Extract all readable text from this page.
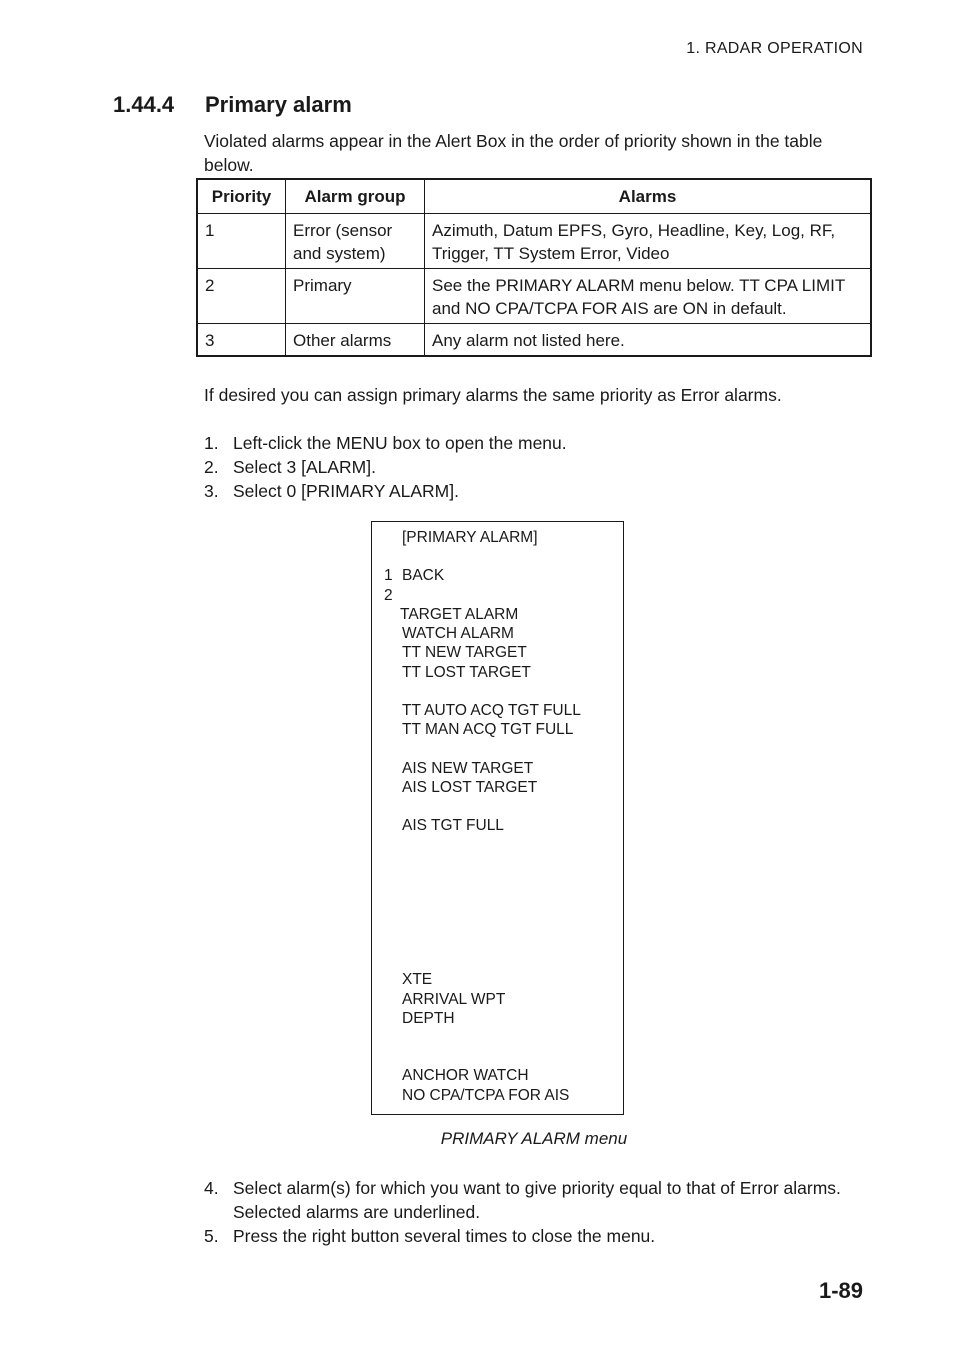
1. RADAR OPERATION
1.44.4 Primary alarm
Violated alarms appear in the Alert Box in the order of priority shown in the table below.
Priority	Alarm group	Alarms
1	Error (sensor and system)	Azimuth, Datum EPFS, Gyro, Headline, Key, Log, RF, Trigger, TT System Error, Video
2	Primary	See the PRIMARY ALARM menu below. TT CPA LIMIT and NO CPA/TCPA FOR AIS are ON in default.
3	Other alarms	Any alarm not listed here.
If desired you can assign primary alarms the same priority as Error alarms.
1. Left-click the MENU box to open the menu.
2. Select 3 [ALARM].
3. Select 0 [PRIMARY ALARM].
[PRIMARY ALARM]
1 BACK
2
TARGET ALARM
WATCH ALARM
TT NEW TARGET
TT LOST TARGET
TT AUTO ACQ TGT FULL
TT MAN ACQ TGT FULL
AIS NEW TARGET
AIS LOST TARGET
AIS TGT FULL
XTE
ARRIVAL WPT
DEPTH
ANCHOR WATCH
NO CPA/TCPA FOR AIS
PRIMARY ALARM menu
4. Select alarm(s) for which you want to give priority equal to that of Error alarms. Selected alarms are underlined.
5. Press the right button several times to close the menu.
1-89
